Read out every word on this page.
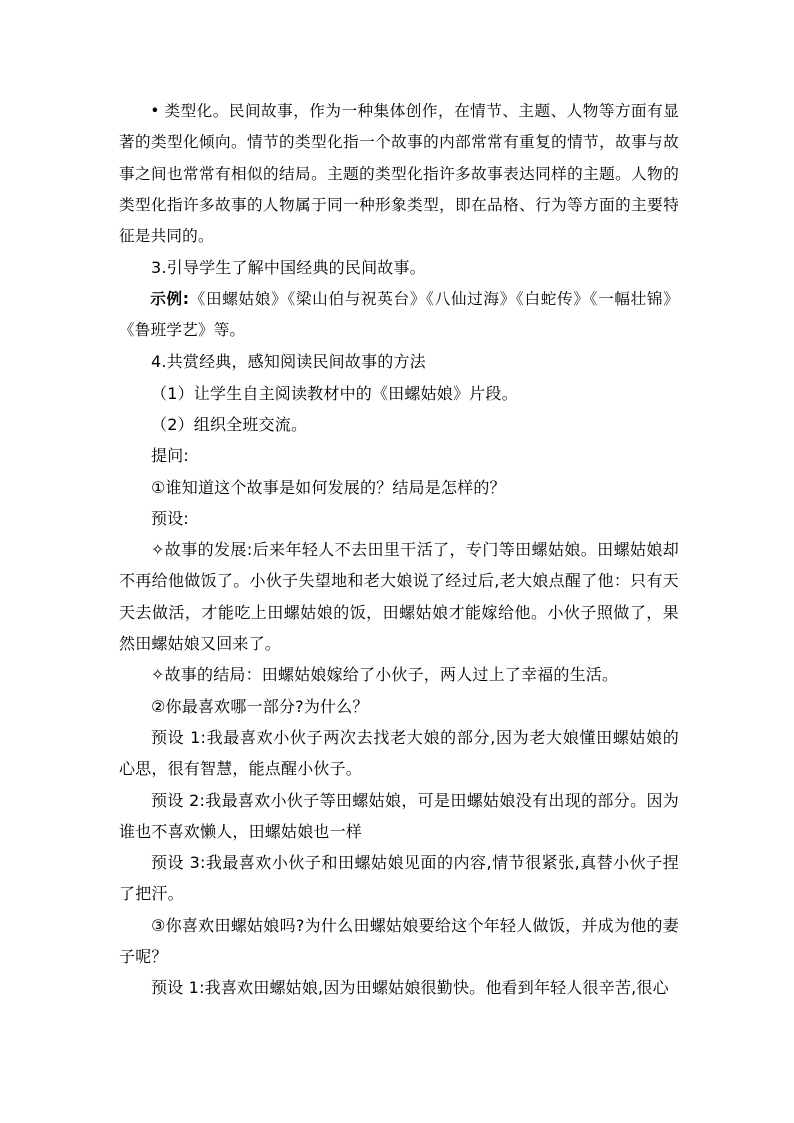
• 类型化。民间故事，作为一种集体创作，在情节、主题、人物等方面有显著的类型化倾向。情节的类型化指一个故事的内部常常有重复的情节，故事与故事之间也常常有相似的结局。主题的类型化指许多故事表达同样的主题。人物的类型化指许多故事的人物属于同一种形象类型，即在品格、行为等方面的主要特征是共同的。

3.引导学生了解中国经典的民间故事。

示例:《田螺姑娘》《梁山伯与祝英台》《八仙过海》《白蛇传》《一幅壮锦》《鲁班学艺》等。

4.共赏经典，感知阅读民间故事的方法

（1）让学生自主阅读教材中的《田螺姑娘》片段。

（2）组织全班交流。

提问:

①谁知道这个故事是如何发展的？结局是怎样的？

预设:

✧故事的发展:后来年轻人不去田里干活了，专门等田螺姑娘。田螺姑娘却不再给他做饭了。小伙子失望地和老大娘说了经过后,老大娘点醒了他：只有天天去做活，才能吃上田螺姑娘的饭，田螺姑娘才能嫁给他。小伙子照做了，果然田螺姑娘又回来了。

✧故事的结局：田螺姑娘嫁给了小伙子，两人过上了幸福的生活。

②你最喜欢哪一部分?为什么？

预设 1:我最喜欢小伙子两次去找老大娘的部分,因为老大娘懂田螺姑娘的心思，很有智慧，能点醒小伙子。

预设 2:我最喜欢小伙子等田螺姑娘，可是田螺姑娘没有出现的部分。因为谁也不喜欢懒人，田螺姑娘也一样

预设 3:我最喜欢小伙子和田螺姑娘见面的内容,情节很紧张,真替小伙子捏了把汗。

③你喜欢田螺姑娘吗?为什么田螺姑娘要给这个年轻人做饭，并成为他的妻子呢？

预设 1:我喜欢田螺姑娘,因为田螺姑娘很勤快。他看到年轻人很辛苦,很心
